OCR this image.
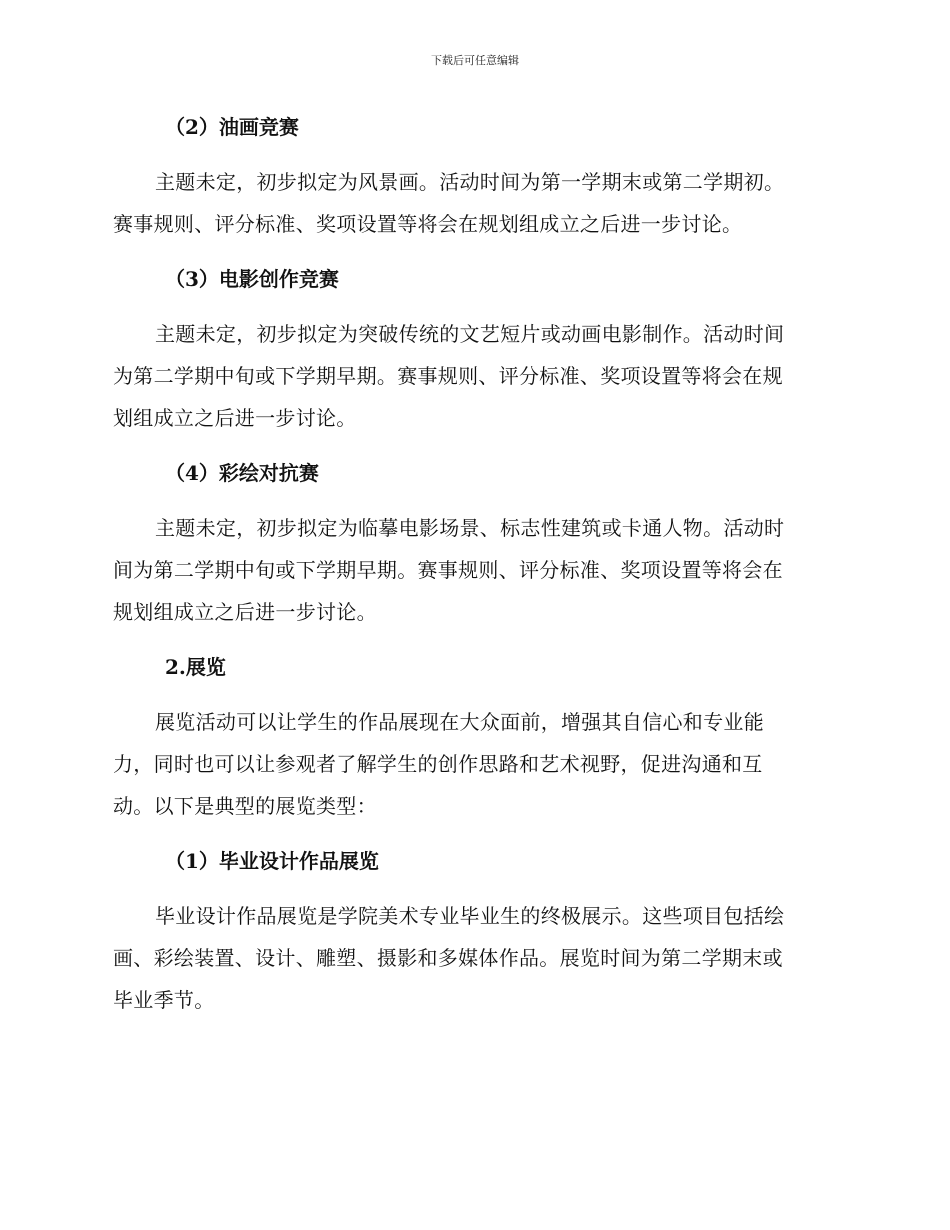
下载后可任意编辑
（2）油画竞赛
主题未定，初步拟定为风景画。活动时间为第一学期末或第二学期初。
赛事规则、评分标准、奖项设置等将会在规划组成立之后进一步讨论。
（3）电影创作竞赛
主题未定，初步拟定为突破传统的文艺短片或动画电影制作。活动时间
为第二学期中旬或下学期早期。赛事规则、评分标准、奖项设置等将会在规
划组成立之后进一步讨论。
（4）彩绘对抗赛
主题未定，初步拟定为临摹电影场景、标志性建筑或卡通人物。活动时
间为第二学期中旬或下学期早期。赛事规则、评分标准、奖项设置等将会在
规划组成立之后进一步讨论。
2.展览
展览活动可以让学生的作品展现在大众面前，增强其自信心和专业能
力，同时也可以让参观者了解学生的创作思路和艺术视野，促进沟通和互
动。以下是典型的展览类型：
（1）毕业设计作品展览
毕业设计作品展览是学院美术专业毕业生的终极展示。这些项目包括绘
画、彩绘装置、设计、雕塑、摄影和多媒体作品。展览时间为第二学期末或
毕业季节。
